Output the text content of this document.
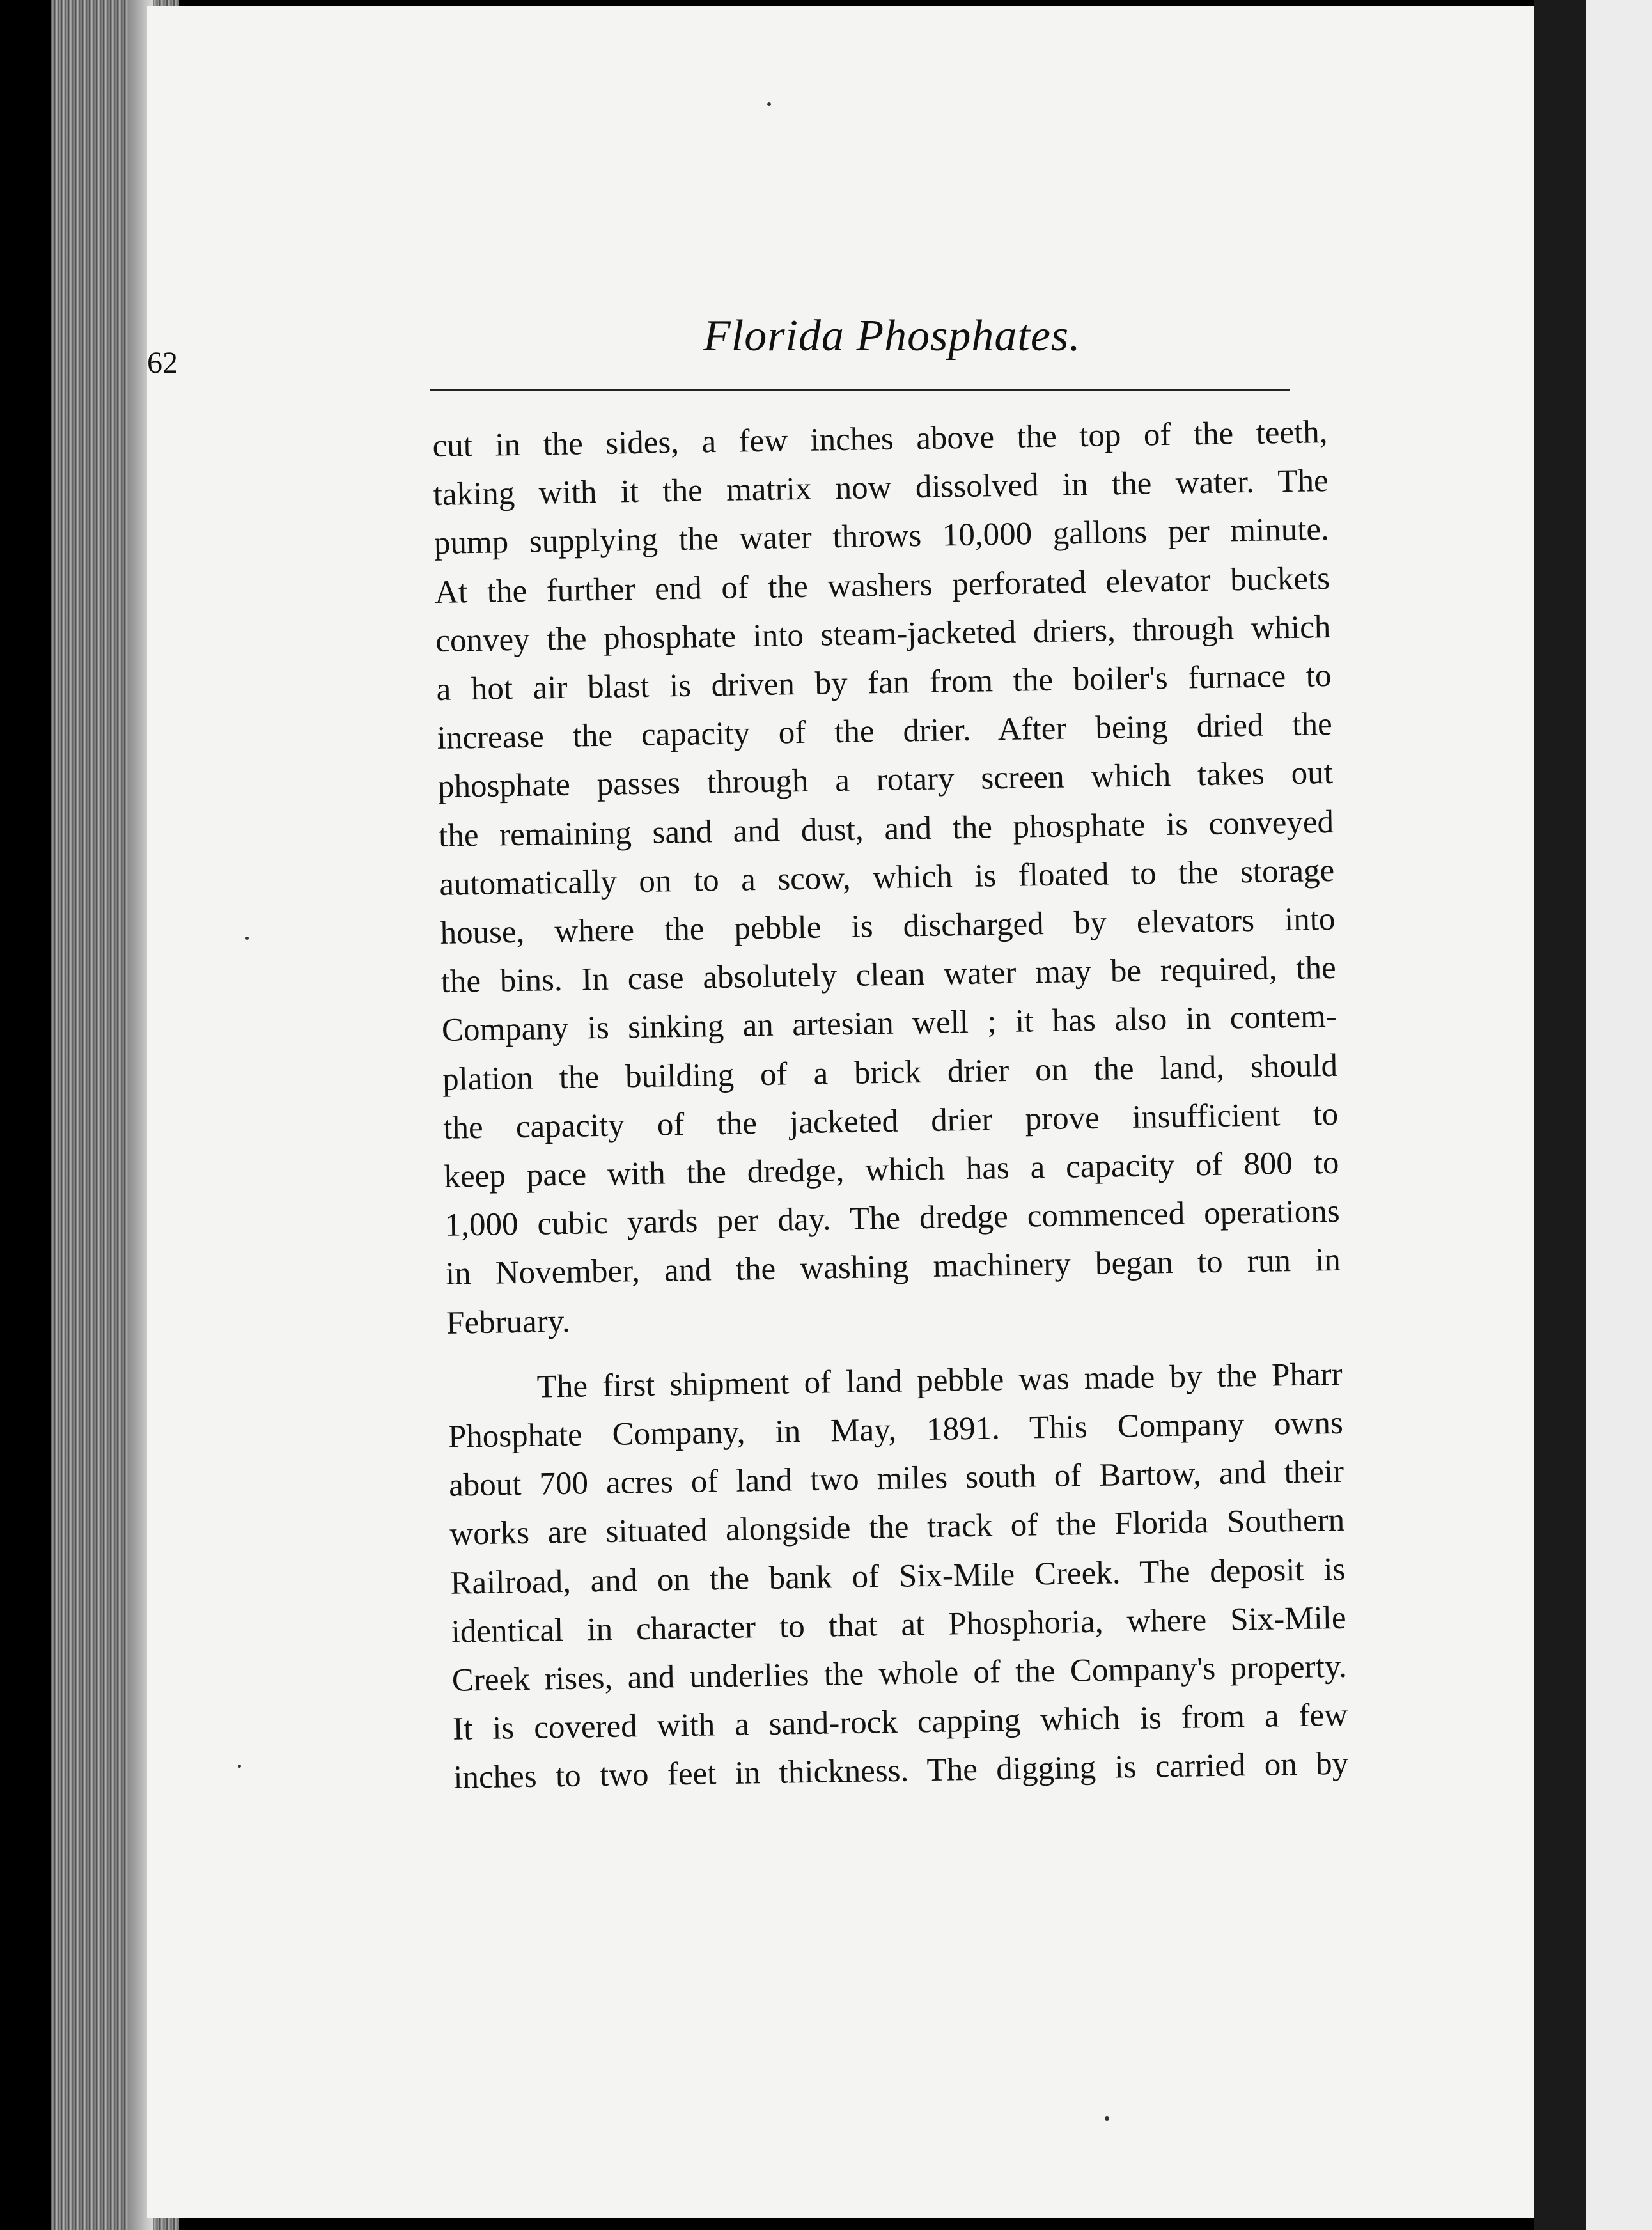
62
Florida Phosphates.
cut in the sides, a few inches above the top of the teeth,
taking with it the matrix now dissolved in the water. The
pump supplying the water throws 10,000 gallons per minute.
At the further end of the washers perforated elevator buckets
convey the phosphate into steam-jacketed driers, through which
a hot air blast is driven by fan from the boiler's furnace to
increase the capacity of the drier. After being dried the
phosphate passes through a rotary screen which takes out
the remaining sand and dust, and the phosphate is conveyed
automatically on to a scow, which is floated to the storage
house, where the pebble is discharged by elevators into
the bins. In case absolutely clean water may be required, the
Company is sinking an artesian well ; it has also in contem-
plation the building of a brick drier on the land, should
the capacity of the jacketed drier prove insufficient to
keep pace with the dredge, which has a capacity of 800 to
1,000 cubic yards per day. The dredge commenced operations
in November, and the washing machinery began to run in
February.
The first shipment of land pebble was made by the Pharr
Phosphate Company, in May, 1891. This Company owns
about 700 acres of land two miles south of Bartow, and their
works are situated alongside the track of the Florida Southern
Railroad, and on the bank of Six-Mile Creek. The deposit is
identical in character to that at Phosphoria, where Six-Mile
Creek rises, and underlies the whole of the Company's property.
It is covered with a sand-rock capping which is from a few
inches to two feet in thickness. The digging is carried on by
